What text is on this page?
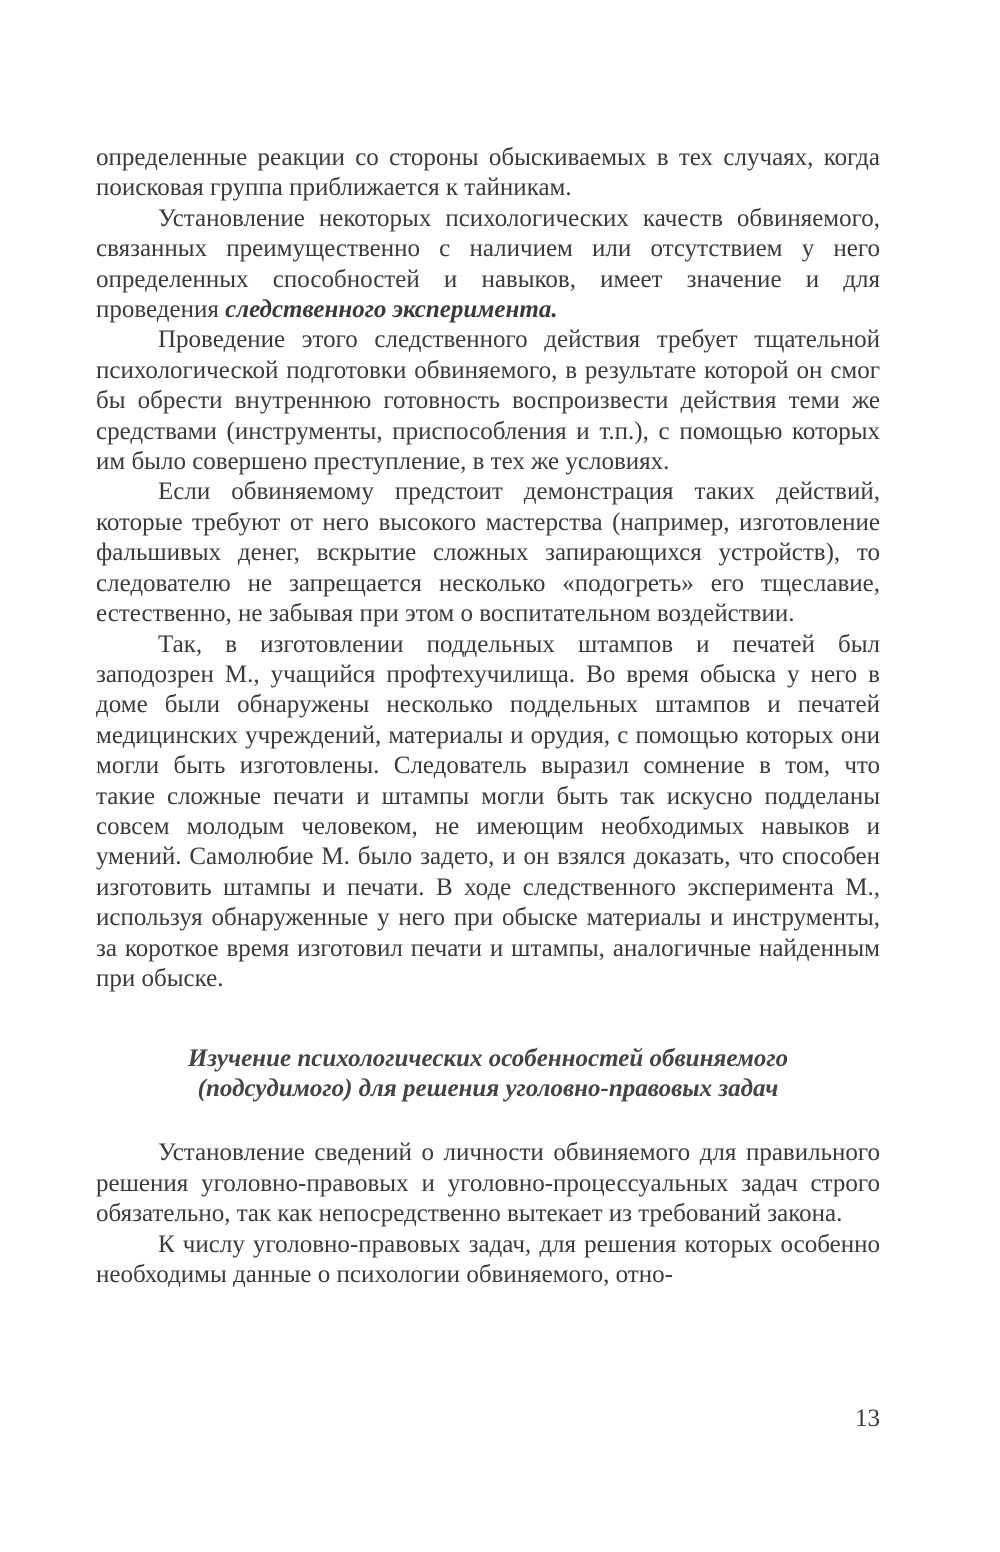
определенные реакции со стороны обыскиваемых в тех случаях, когда поисковая группа приближается к тайникам.

Установление некоторых психологических качеств обвиняемого, связанных преимущественно с наличием или отсутствием у него определенных способностей и навыков, имеет значение и для проведения следственного эксперимента.

Проведение этого следственного действия требует тщательной психологической подготовки обвиняемого, в результате которой он смог бы обрести внутреннюю готовность воспроизвести действия теми же средствами (инструменты, приспособления и т.п.), с помощью которых им было совершено преступление, в тех же условиях.

Если обвиняемому предстоит демонстрация таких действий, которые требуют от него высокого мастерства (например, изготовление фальшивых денег, вскрытие сложных запирающихся устройств), то следователю не запрещается несколько «подогреть» его тщеславие, естественно, не забывая при этом о воспитательном воздействии.

Так, в изготовлении поддельных штампов и печатей был заподозрен М., учащийся профтехучилища. Во время обыска у него в доме были обнаружены несколько поддельных штампов и печатей медицинских учреждений, материалы и орудия, с помощью которых они могли быть изготовлены. Следователь выразил сомнение в том, что такие сложные печати и штампы могли быть так искусно подделаны совсем молодым человеком, не имеющим необходимых навыков и умений. Самолюбие М. было задето, и он взялся доказать, что способен изготовить штампы и печати. В ходе следственного эксперимента М., используя обнаруженные у него при обыске материалы и инструменты, за короткое время изготовил печати и штампы, аналогичные найденным при обыске.

Изучение психологических особенностей обвиняемого
(подсудимого) для решения уголовно-правовых задач

Установление сведений о личности обвиняемого для правильного решения уголовно-правовых и уголовно-процессуальных задач строго обязательно, так как непосредственно вытекает из требований закона.

К числу уголовно-правовых задач, для решения которых особенно необходимы данные о психологии обвиняемого, отно-

13
